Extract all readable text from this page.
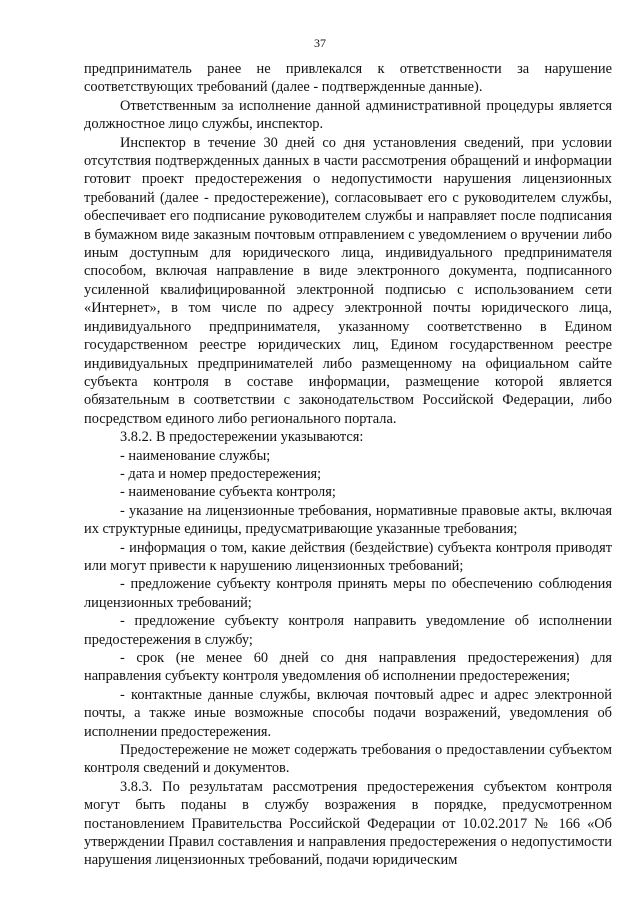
37

предприниматель ранее не привлекался к ответственности за нарушение соответствующих требований (далее - подтвержденные данные).

Ответственным за исполнение данной административной процедуры является должностное лицо службы, инспектор.

Инспектор в течение 30 дней со дня установления сведений, при условии отсутствия подтвержденных данных в части рассмотрения обращений и информации готовит проект предостережения о недопустимости нарушения лицензионных требований (далее - предостережение), согласовывает его с руководителем службы, обеспечивает его подписание руководителем службы и направляет после подписания в бумажном виде заказным почтовым отправлением с уведомлением о вручении либо иным доступным для юридического лица, индивидуального предпринимателя способом, включая направление в виде электронного документа, подписанного усиленной квалифицированной электронной подписью с использованием сети «Интернет», в том числе по адресу электронной почты юридического лица, индивидуального предпринимателя, указанному соответственно в Едином государственном реестре юридических лиц, Едином государственном реестре индивидуальных предпринимателей либо размещенному на официальном сайте субъекта контроля в составе информации, размещение которой является обязательным в соответствии с законодательством Российской Федерации, либо посредством единого либо регионального портала.

3.8.2. В предостережении указываются:

- наименование службы;

- дата и номер предостережения;

- наименование субъекта контроля;

- указание на лицензионные требования, нормативные правовые акты, включая их структурные единицы, предусматривающие указанные требования;

- информация о том, какие действия (бездействие) субъекта контроля приводят или могут привести к нарушению лицензионных требований;

- предложение субъекту контроля принять меры по обеспечению соблюдения лицензионных требований;

- предложение субъекту контроля направить уведомление об исполнении предостережения в службу;

- срок (не менее 60 дней со дня направления предостережения) для направления субъекту контроля уведомления об исполнении предостережения;

- контактные данные службы, включая почтовый адрес и адрес электронной почты, а также иные возможные способы подачи возражений, уведомления об исполнении предостережения.

Предостережение не может содержать требования о предоставлении субъектом контроля сведений и документов.

3.8.3. По результатам рассмотрения предостережения субъектом контроля могут быть поданы в службу возражения в порядке, предусмотренном постановлением Правительства Российской Федерации от 10.02.2017 № 166 «Об утверждении Правил составления и направления предостережения о недопустимости нарушения лицензионных требований, подачи юридическим
